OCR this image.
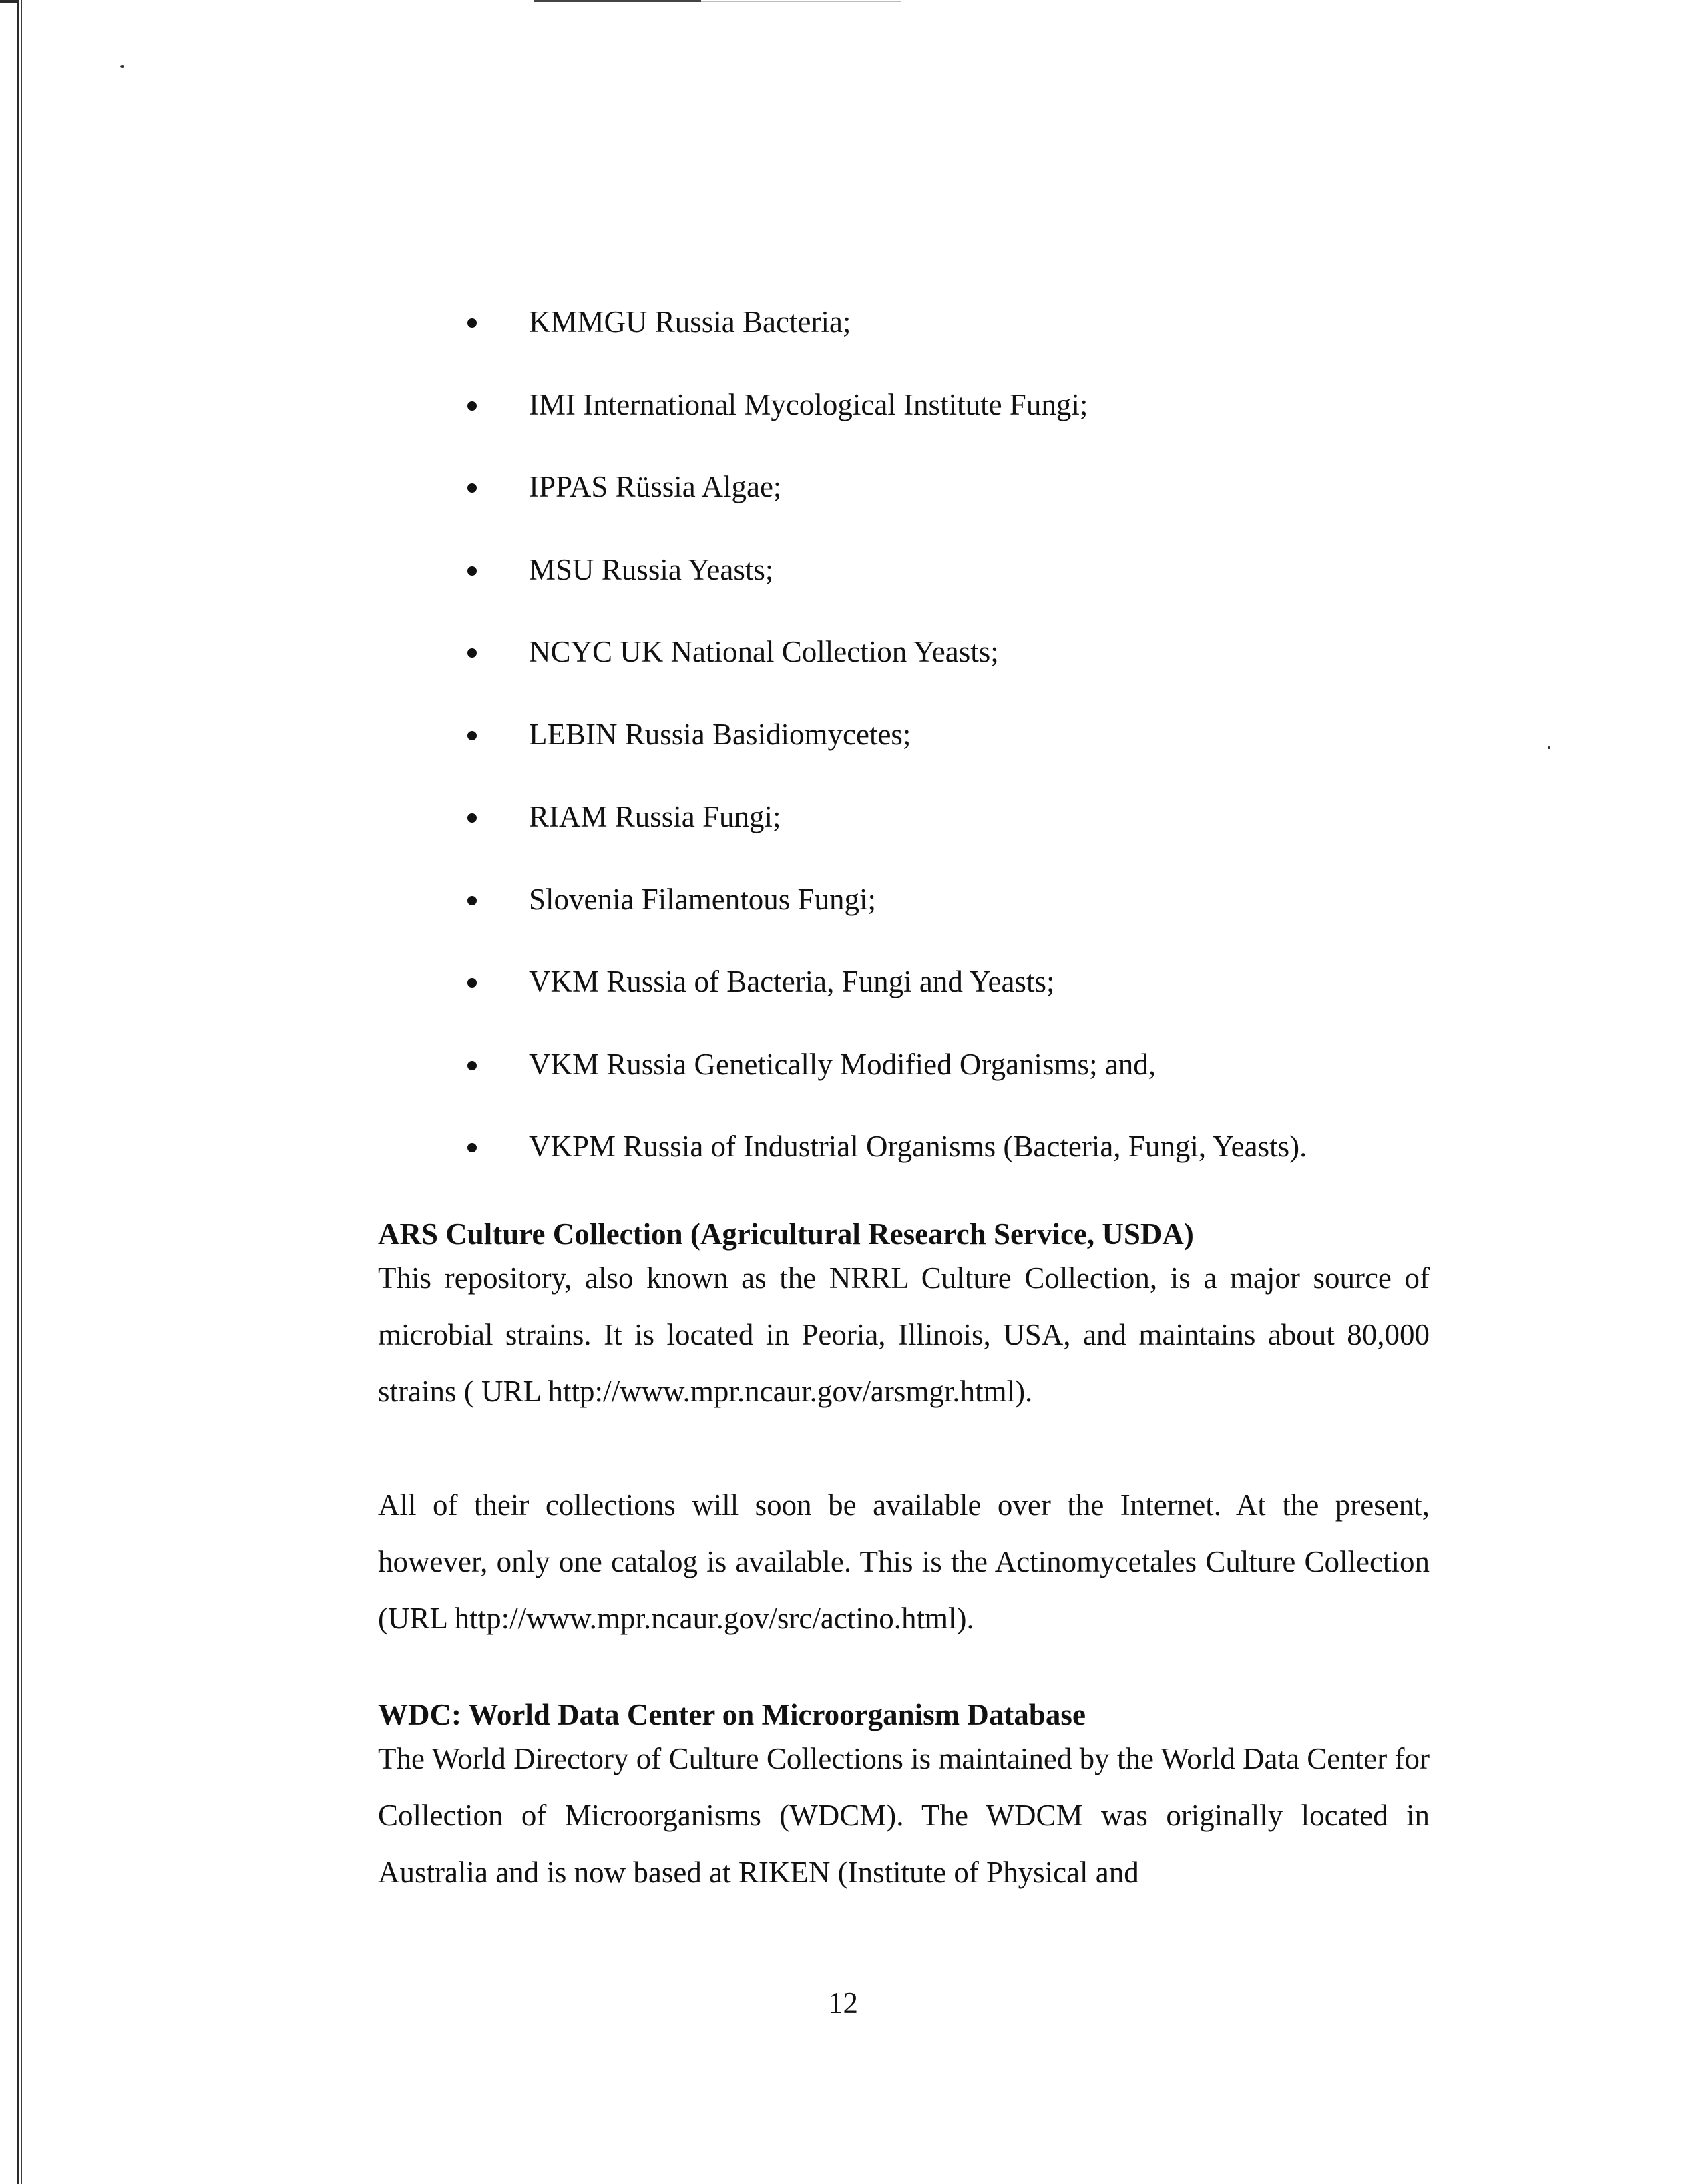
KMMGU Russia Bacteria;
IMI International Mycological Institute Fungi;
IPPAS Rüssia Algae;
MSU Russia Yeasts;
NCYC UK National Collection Yeasts;
LEBIN Russia Basidiomycetes;
RIAM Russia Fungi;
Slovenia Filamentous Fungi;
VKM Russia of Bacteria, Fungi and Yeasts;
VKM Russia Genetically Modified Organisms; and,
VKPM Russia of Industrial Organisms (Bacteria, Fungi, Yeasts).
ARS Culture Collection (Agricultural Research Service, USDA)

This repository, also known as the NRRL Culture Collection, is a major source of microbial strains. It is located in Peoria, Illinois, USA, and maintains about 80,000 strains ( URL http://www.mpr.ncaur.gov/arsmgr.html).

All of their collections will soon be available over the Internet. At the present, however, only one catalog is available. This is the Actinomycetales Culture Collection (URL http://www.mpr.ncaur.gov/src/actino.html).

WDC: World Data Center on Microorganism Database

The World Directory of Culture Collections is maintained by the World Data Center for Collection of Microorganisms (WDCM). The WDCM was originally located in Australia and is now based at RIKEN (Institute of Physical and

12
